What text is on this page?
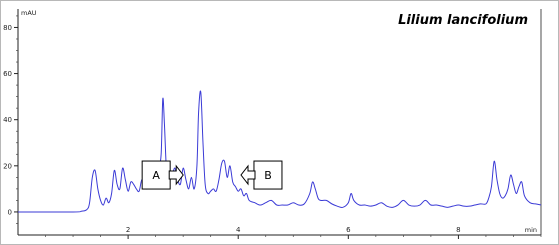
0
20
40
60
80
2	4	6	8
mAU
min
A	B
Lilium lancifolium
